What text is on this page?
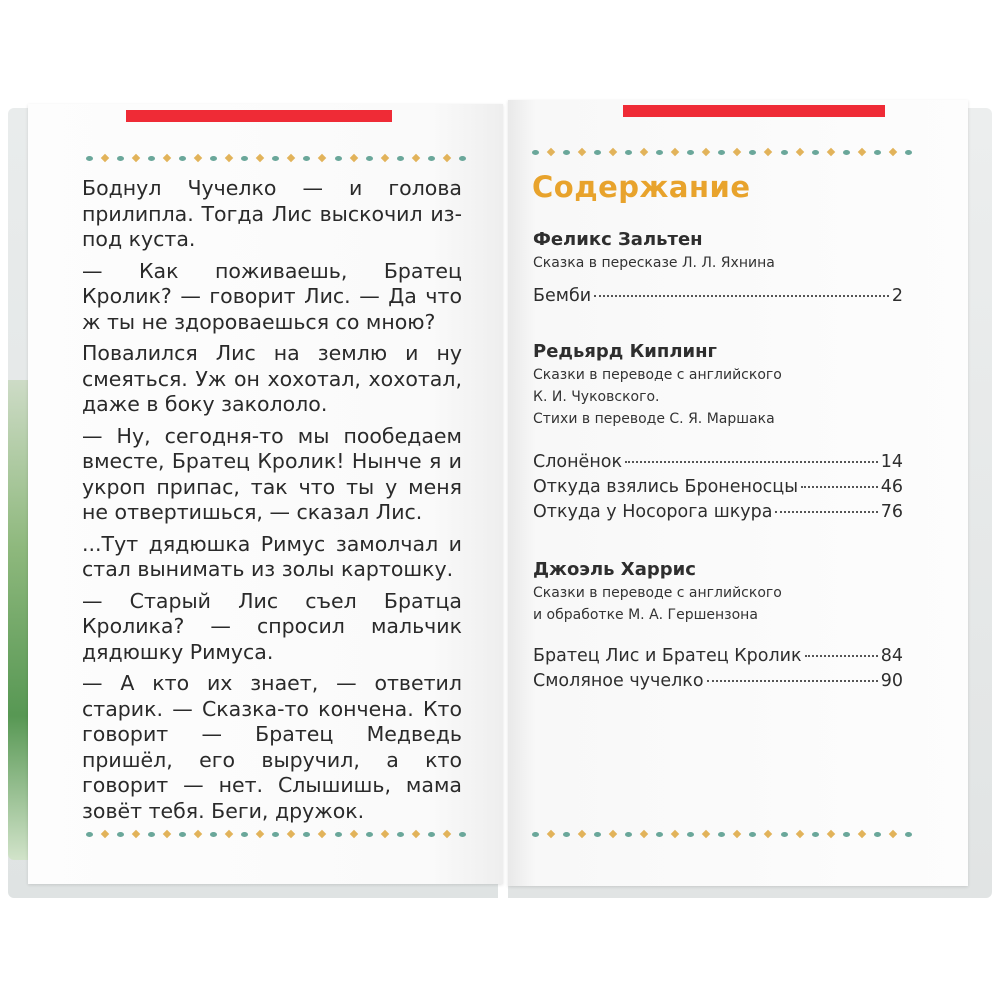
Боднул Чучелко — и голова прилипла. Тогда Лис выскочил из-под куста.

— Как поживаешь, Братец Кролик? — говорит Лис. — Да что ж ты не здороваешься со мною?

Повалился Лис на землю и ну смеяться. Уж он хохотал, хохотал, даже в боку закололо.

— Ну, сегодня-то мы пообедаем вместе, Братец Кролик! Нынче я и укроп припас, так что ты у меня не отвертишься, — сказал Лис.

...Тут дядюшка Римус замолчал и стал вынимать из золы картошку.

— Старый Лис съел Братца Кролика? — спросил мальчик дядюшку Римуса.

— А кто их знает, — ответил старик. — Сказка-то кончена. Кто говорит — Братец Медведь пришёл, его выручил, а кто говорит — нет. Слышишь, мама зовёт тебя. Беги, дружок.

Содержание
Феликс Зальтен
Сказка в пересказе Л. Л. Яхнина
Бемби	2
Редьярд Киплинг
Сказки в переводе с английского
К. И. Чуковского.
Стихи в переводе С. Я. Маршака
Слонёнок	14
Откуда взялись Броненосцы	46
Откуда у Носорога шкура	76
Джоэль Харрис
Сказки в переводе с английского
и обработке М. А. Гершензона
Братец Лис и Братец Кролик	84
Смоляное чучелко	90
